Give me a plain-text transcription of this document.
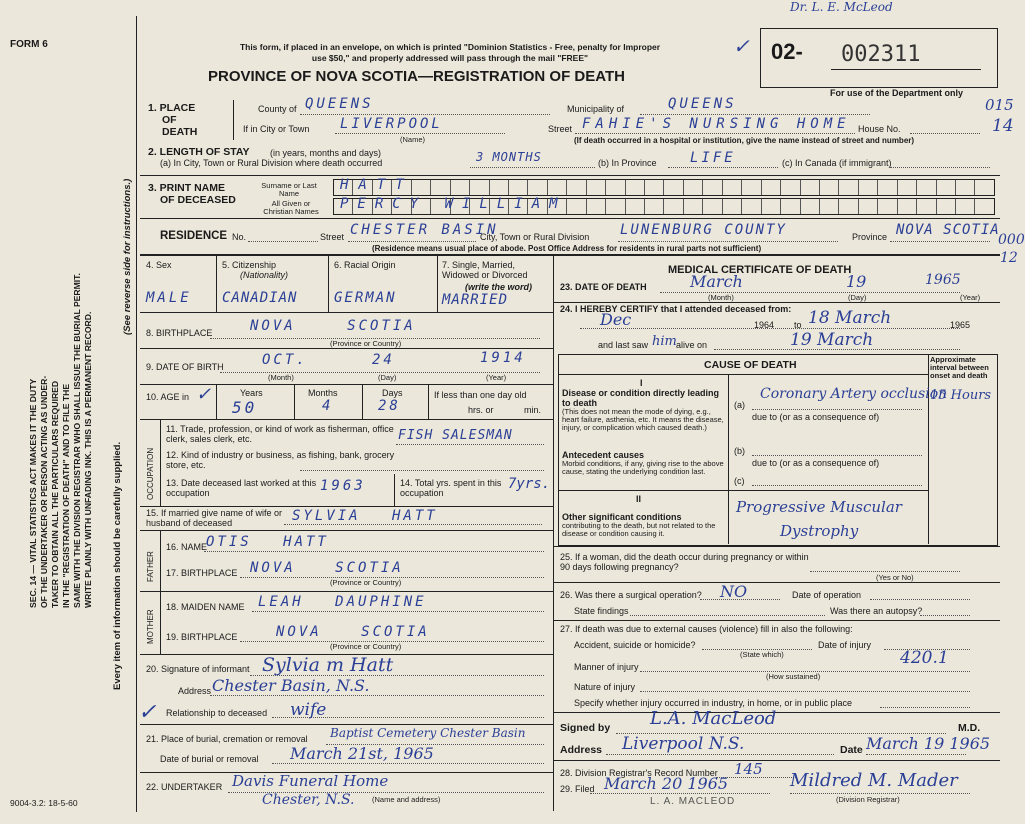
FORM 6
SEC. 14 — VITAL STATISTICS ACT MAKES IT THE DUTY OF THE UNDERTAKER OR PERSON ACTING AS UNDER- TAKER TO OBTAIN ALL THE PARTICULARS REQUIRED IN THE "REGISTRATION OF DEATH" AND TO FILE THE SAME WITH THE DIVISION REGISTRAR WHO SHALL ISSUE THE BURIAL PERMIT. WRITE PLAINLY WITH UNFADING INK. THIS IS A PERMANENT RECORD. Every item of information should be carefully supplied.
(See reverse side for instructions.)
Dr. L. E. McLeod
This form, if placed in an envelope, on which is printed "Dominion Statistics - Free, penalty for Improper
use $50," and properly addressed will pass through the mail "FREE"
PROVINCE OF NOVA SCOTIA—REGISTRATION OF DEATH
✓ 02- 002311
For use of the Department only
015
14
000
12
1. PLACE
OF
DEATH
County of QUEENS	Municipality of	QUEENS
If in City or Town LIVERPOOL
(Name)
Street FAHIE'S NURSING HOME House No.
(If death occurred in a hospital or institution, give the name instead of street and number)
2. LENGTH OF STAY (in years, months and days)
(a) In City, Town or Rural Division where death occurred	3 MONTHS	(b) In Province LIFE	(c) In Canada (if immigrant)
3. PRINT NAME
OF DECEASED
Surname or Last Name
HATT
All Given or Christian Names	PERCY WILLIAM
RESIDENCE No.	Street CHESTER BASIN
City, Town or Rural Division LUNENBURG COUNTY	Province NOVA SCOTIA
(Residence means usual place of abode. Post Office Address for residents in rural parts not sufficient)
4. Sex
MALE
5. Citizenship
(Nationality)
CANADIAN
6. Racial Origin
GERMAN
7. Single, Married, Widowed or Divorced
(write the word)
MARRIED
8. BIRTHPLACE	NOVA SCOTIA
(Province or Country)
9. DATE OF BIRTH	OCT.	24	1914
(Month)	(Day)	(Year)
10. AGE in ✓	Years
50
Months
4
Days
28
If less than one day old
hrs. or	min.
OCCUPATION
11. Trade, profession, or kind of work as fisherman, office clerk, sales clerk, etc.	FISH SALESMAN
12. Kind of industry or business, as fishing, bank, grocery store, etc.
13. Date deceased last worked at this occupation	1963	14. Total yrs. spent in this occupation
7yrs.
15. If married give name of wife or husband of deceased	SYLVIA HATT
FATHER
16. NAME
OTIS HATT
17. BIRTHPLACE NOVA SCOTIA
(Province or Country)
MOTHER
18. MAIDEN NAME LEAH DAUPHINE
19. BIRTHPLACE	NOVA SCOTIA
(Province or Country)
20. Signature of informant Sylvia m Hatt
Address Chester Basin, N.S.
Relationship to deceased wife
✓
21. Place of burial, cremation or removal Baptist Cemetery Chester Basin
Date of burial or removal March 21st, 1965
22. UNDERTAKER Davis Funeral Home
Chester, N.S. (Name and address)
9004-3.2: 18-5-60
MEDICAL CERTIFICATE OF DEATH
23. DATE OF DEATH	March	19	1965
(Month)	(Day)	(Year)
24. I HEREBY CERTIFY that I attended deceased from:
Dec	1964 to 18 March	1965
and last saw him alive on	19 March
CAUSE OF DEATH	Approximate interval between onset and death
I
Disease or condition directly leading to death
(This does not mean the mode of dying, e.g., heart failure, asthenia, etc. It means the disease, injury, or complication which caused death.)
(a)
Coronary Artery occlusion
15 Hours
due to (or as a consequence of)
Antecedent causes
Morbid conditions, if any, giving rise to the above cause, stating the underlying condition last.
(b)
due to (or as a consequence of)
(c)
II
Other significant conditions
contributing to the death, but not related to the disease or condition causing it.
Progressive Muscular
Dystrophy
25. If a woman, did the death occur during pregnancy or within 90 days following pregnancy?
(Yes or No)
26. Was there a surgical operation? NO	Date of operation
State findings	Was there an autopsy?
27. If death was due to external causes (violence) fill in also the following:
Accident, suicide or homicide?
(State which)
Date of injury
Manner of injury	420.1
(How sustained)
Nature of injury
Specify whether injury occurred in industry, in home, or in public place
Signed by L.A. MacLeod	M.D.
Address Liverpool N.S.	Date March 19 1965
28. Division Registrar's Record Number 145
29. Filed March 20 1965	Mildred M. Mader
(Division Registrar)
L. A. MACLEOD
